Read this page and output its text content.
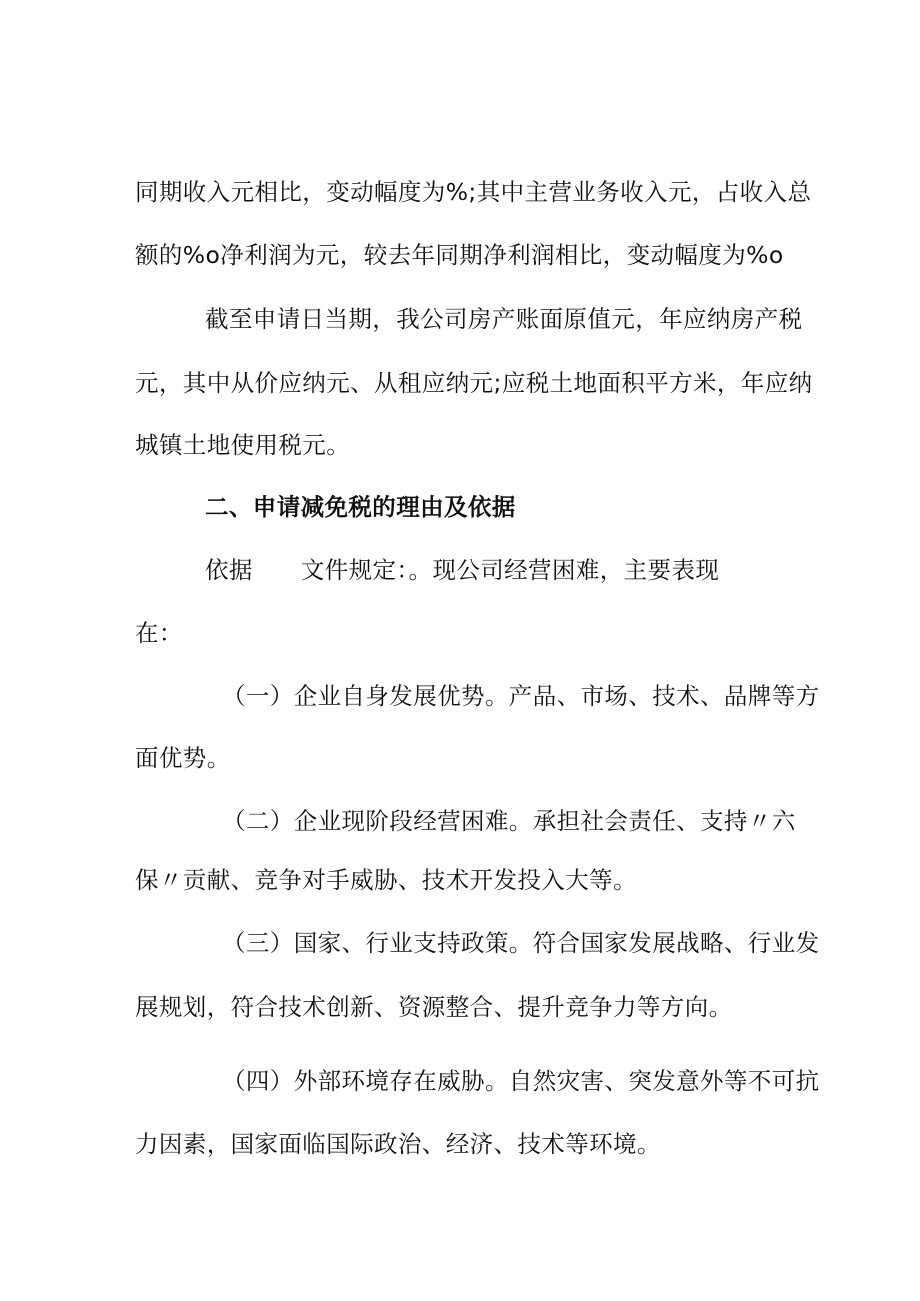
同期收入元相比，变动幅度为%;其中主营业务收入元，占收入总
额的%o净利润为元，较去年同期净利润相比，变动幅度为%o
截至申请日当期，我公司房产账面原值元，年应纳房产税
元，其中从价应纳元、从租应纳元;应税土地面积平方米，年应纳
城镇土地使用税元。
二、申请减免税的理由及依据
依据 文件规定：。现公司经营困难，主要表现
在：
（一）企业自身发展优势。产品、市场、技术、品牌等方
面优势。
（二）企业现阶段经营困难。承担社会责任、支持〃六
保〃贡献、竞争对手威胁、技术开发投入大等。
（三）国家、行业支持政策。符合国家发展战略、行业发
展规划，符合技术创新、资源整合、提升竞争力等方向。
（四）外部环境存在威胁。自然灾害、突发意外等不可抗
力因素，国家面临国际政治、经济、技术等环境。
